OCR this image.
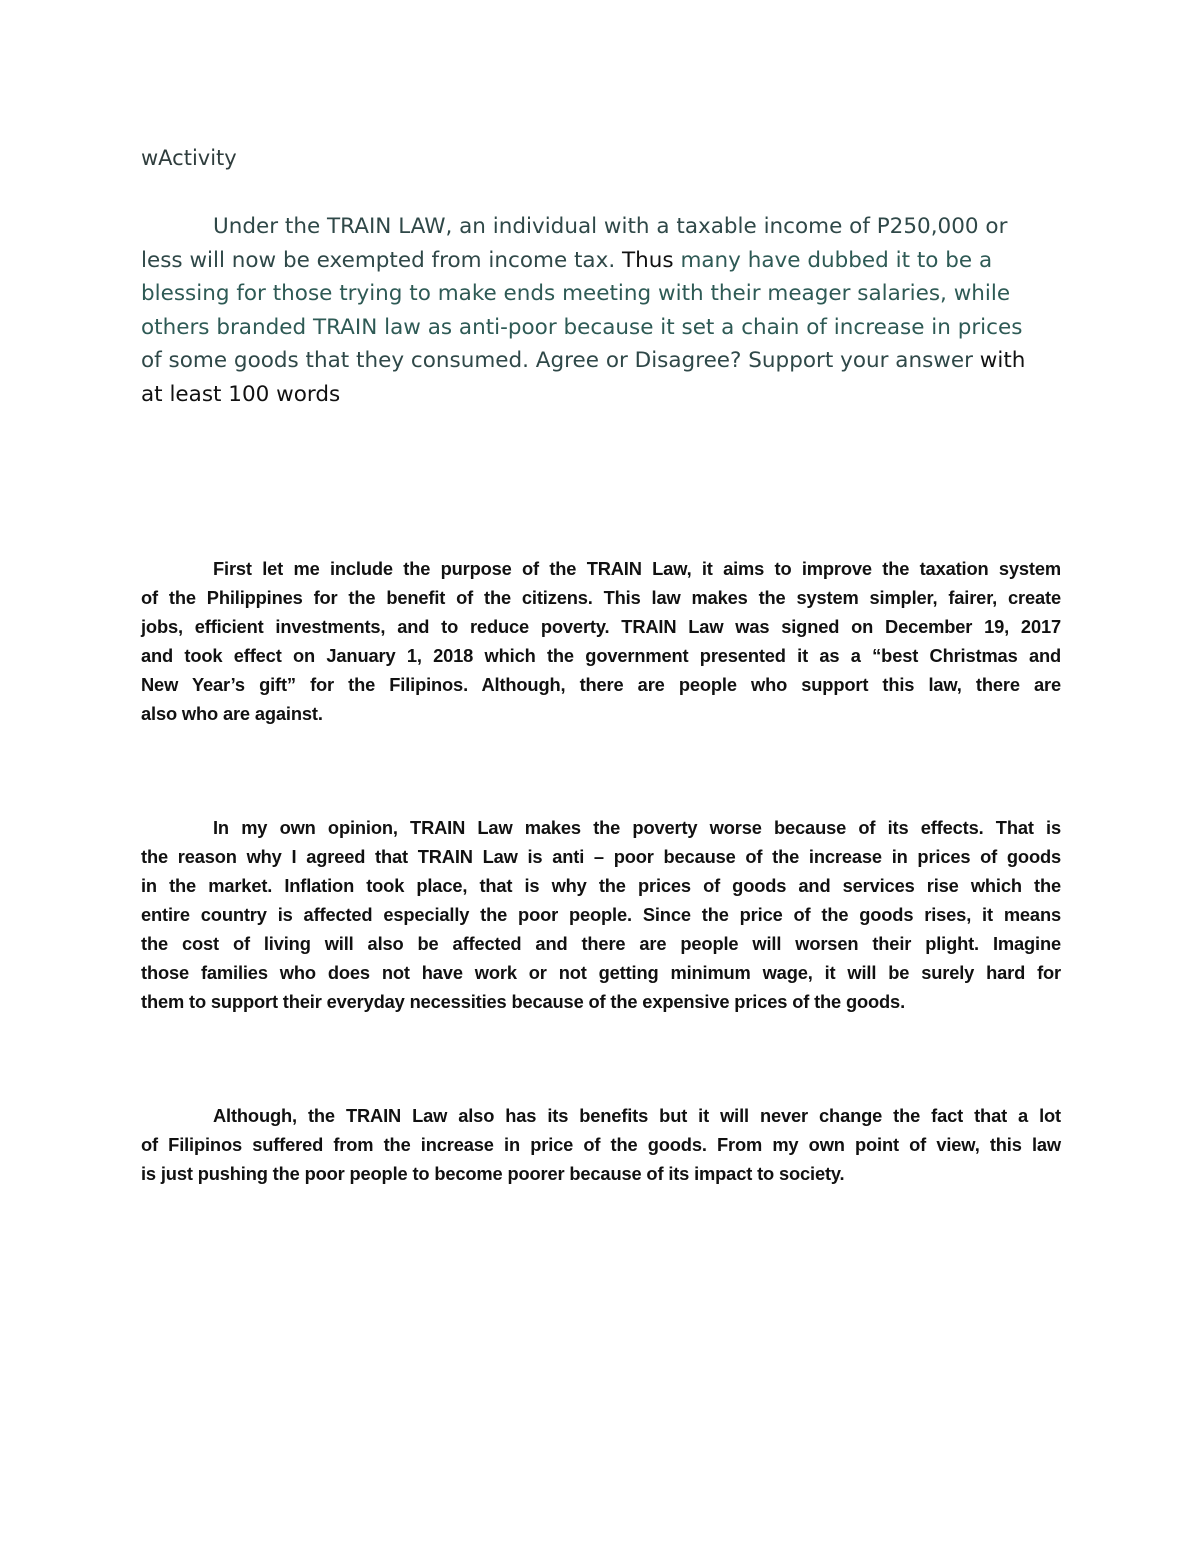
wActivity
Under the TRAIN LAW, an individual with a taxable income of P250,000 or
less will now be exempted from income tax. Thus many have dubbed it to be a
blessing for those trying to make ends meeting with their meager salaries, while
others branded TRAIN law as anti-poor because it set a chain of increase in prices
of some goods that they consumed. Agree or Disagree? Support your answer with
at least 100 words
First let me include the purpose of the TRAIN Law, it aims to improve the taxation system
of the Philippines for the benefit of the citizens. This law makes the system simpler, fairer, create
jobs, efficient investments, and to reduce poverty. TRAIN Law was signed on December 19, 2017
and took effect on January 1, 2018 which the government presented it as a “best Christmas and
New Year’s gift” for the Filipinos. Although, there are people who support this law, there are
also who are against.
In my own opinion, TRAIN Law makes the poverty worse because of its effects. That is
the reason why I agreed that TRAIN Law is anti – poor because of the increase in prices of goods
in the market. Inflation took place, that is why the prices of goods and services rise which the
entire country is affected especially the poor people. Since the price of the goods rises, it means
the cost of living will also be affected and there are people will worsen their plight. Imagine
those families who does not have work or not getting minimum wage, it will be surely hard for
them to support their everyday necessities because of the expensive prices of the goods.
Although, the TRAIN Law also has its benefits but it will never change the fact that a lot
of Filipinos suffered from the increase in price of the goods. From my own point of view, this law
is just pushing the poor people to become poorer because of its impact to society.
